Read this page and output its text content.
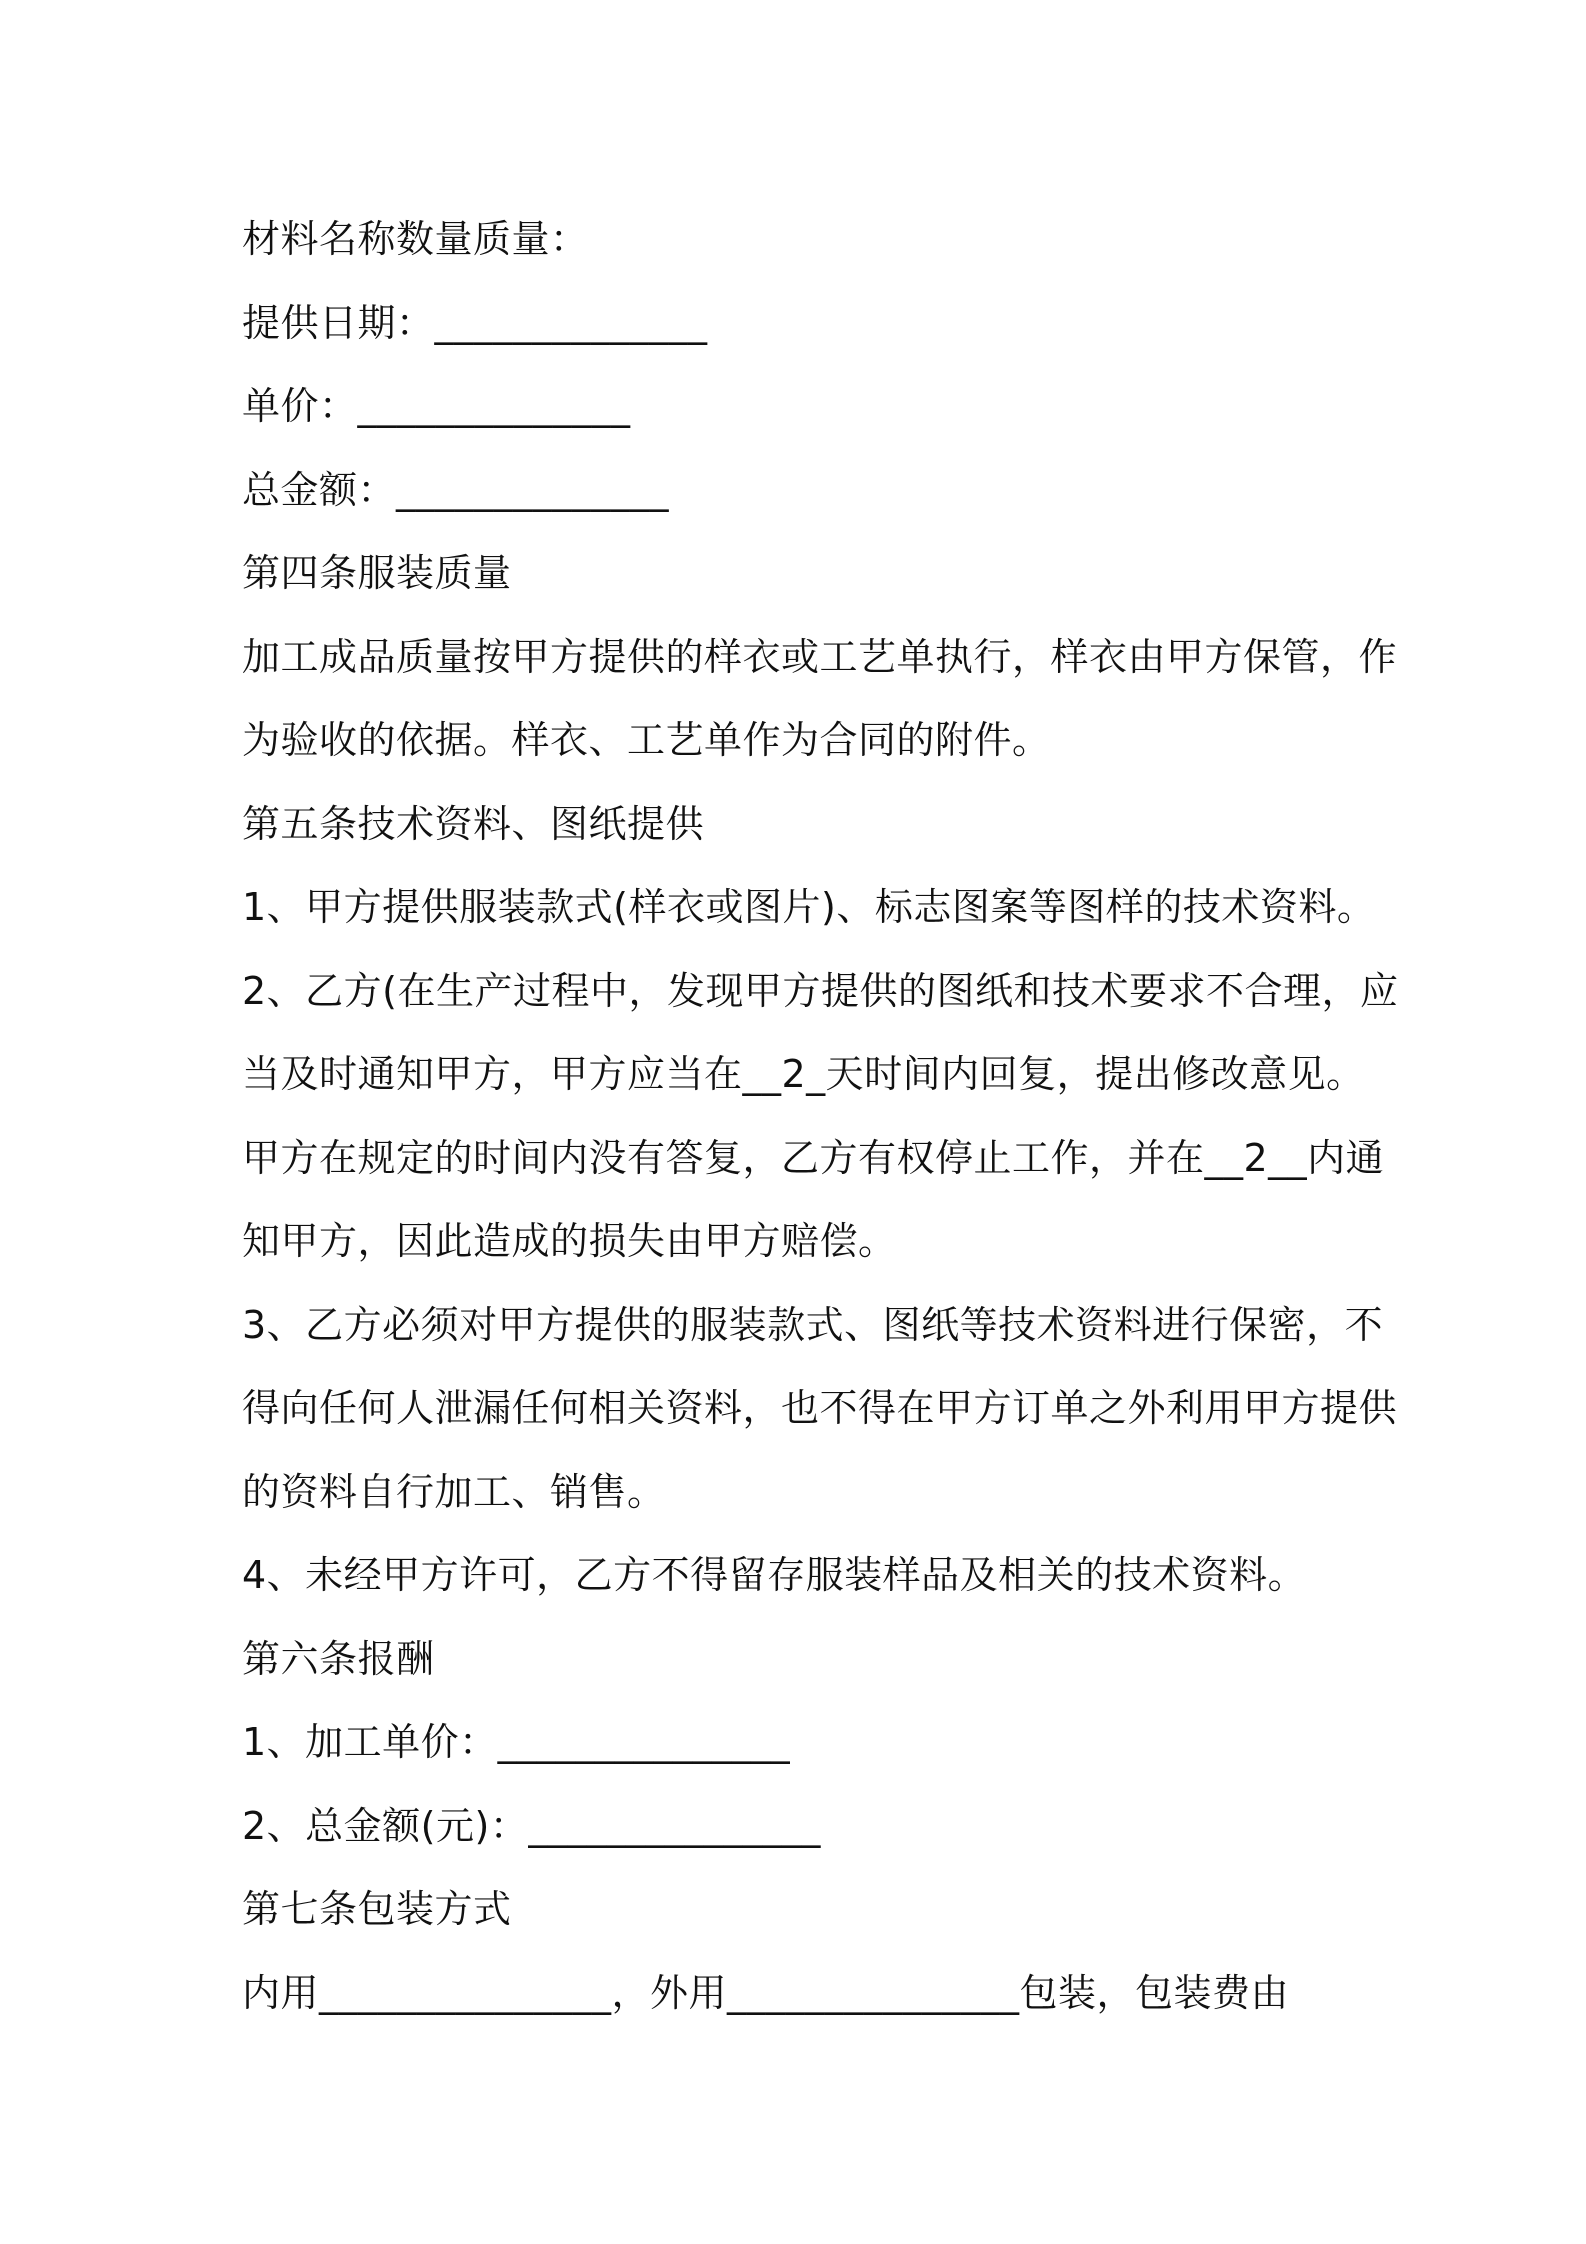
材料名称数量质量：
提供日期：______________
单价：______________
总金额：______________
第四条服装质量
加工成品质量按甲方提供的样衣或工艺单执行，样衣由甲方保管，作
为验收的依据。样衣、工艺单作为合同的附件。
第五条技术资料、图纸提供
1、甲方提供服装款式(样衣或图片)、标志图案等图样的技术资料。
2、乙方(在生产过程中，发现甲方提供的图纸和技术要求不合理，应
当及时通知甲方，甲方应当在__2_天时间内回复，提出修改意见。
甲方在规定的时间内没有答复，乙方有权停止工作，并在__2__内通
知甲方，因此造成的损失由甲方赔偿。
3、乙方必须对甲方提供的服装款式、图纸等技术资料进行保密，不
得向任何人泄漏任何相关资料，也不得在甲方订单之外利用甲方提供
的资料自行加工、销售。
4、未经甲方许可，乙方不得留存服装样品及相关的技术资料。
第六条报酬
1、加工单价：_______________
2、总金额(元)：_______________
第七条包装方式
内用_______________，外用_______________包装，包装费由
